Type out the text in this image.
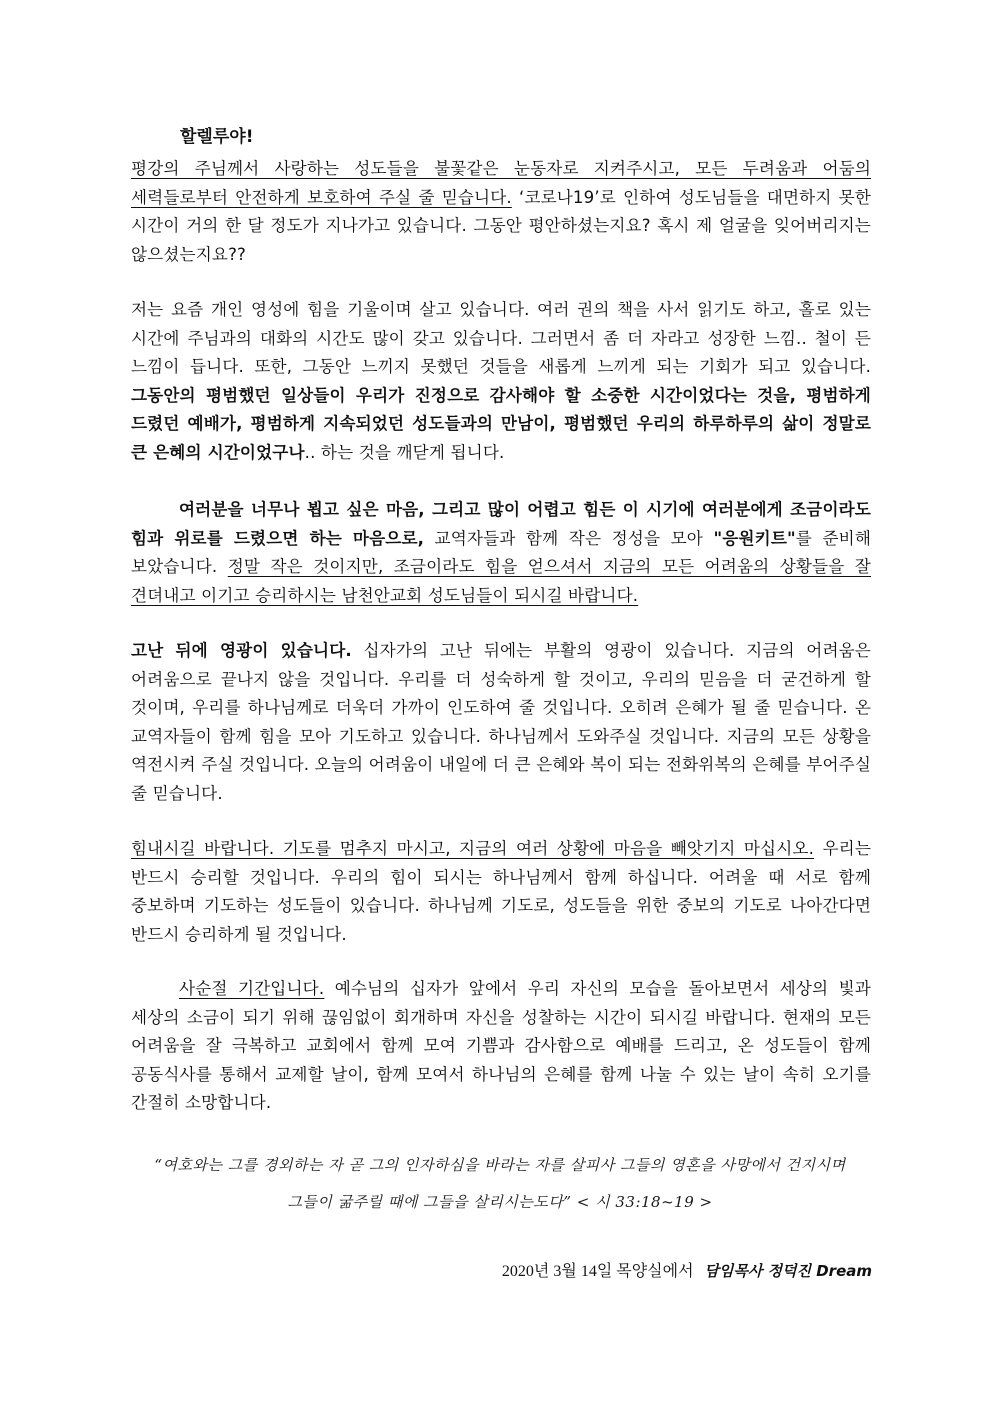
할렐루야!
평강의 주님께서 사랑하는 성도들을 불꽃같은 눈동자로 지켜주시고, 모든 두려움과 어둠의 세력들로부터 안전하게 보호하여 주실 줄 믿습니다. ‘코로나19’로 인하여 성도님들을 대면하지 못한 시간이 거의 한 달 정도가 지나가고 있습니다. 그동안 평안하셨는지요? 혹시 제 얼굴을 잊어버리지는 않으셨는지요??
저는 요즘 개인 영성에 힘을 기울이며 살고 있습니다. 여러 권의 책을 사서 읽기도 하고, 홀로 있는 시간에 주님과의 대화의 시간도 많이 갖고 있습니다. 그러면서 좀 더 자라고 성장한 느낌.. 철이 든 느낌이 듭니다. 또한, 그동안 느끼지 못했던 것들을 새롭게 느끼게 되는 기회가 되고 있습니다. 그동안의 평범했던 일상들이 우리가 진정으로 감사해야 할 소중한 시간이었다는 것을, 평범하게 드렸던 예배가, 평범하게 지속되었던 성도들과의 만남이, 평범했던 우리의 하루하루의 삶이 정말로 큰 은혜의 시간이었구나.. 하는 것을 깨닫게 됩니다.
여러분을 너무나 뵙고 싶은 마음, 그리고 많이 어렵고 힘든 이 시기에 여러분에게 조금이라도 힘과 위로를 드렸으면 하는 마음으로, 교역자들과 함께 작은 정성을 모아 "응원키트"를 준비해 보았습니다. 정말 작은 것이지만, 조금이라도 힘을 얻으셔서 지금의 모든 어려움의 상황들을 잘 견뎌내고 이기고 승리하시는 남천안교회 성도님들이 되시길 바랍니다.
고난 뒤에 영광이 있습니다. 십자가의 고난 뒤에는 부활의 영광이 있습니다. 지금의 어려움은 어려움으로 끝나지 않을 것입니다. 우리를 더 성숙하게 할 것이고, 우리의 믿음을 더 굳건하게 할 것이며, 우리를 하나님께로 더욱더 가까이 인도하여 줄 것입니다. 오히려 은혜가 될 줄 믿습니다. 온 교역자들이 함께 힘을 모아 기도하고 있습니다. 하나님께서 도와주실 것입니다. 지금의 모든 상황을 역전시켜 주실 것입니다. 오늘의 어려움이 내일에 더 큰 은혜와 복이 되는 전화위복의 은혜를 부어주실 줄 믿습니다.
힘내시길 바랍니다. 기도를 멈추지 마시고, 지금의 여러 상황에 마음을 빼앗기지 마십시오. 우리는 반드시 승리할 것입니다. 우리의 힘이 되시는 하나님께서 함께 하십니다. 어려울 때 서로 함께 중보하며 기도하는 성도들이 있습니다. 하나님께 기도로, 성도들을 위한 중보의 기도로 나아간다면 반드시 승리하게 될 것입니다.
사순절 기간입니다. 예수님의 십자가 앞에서 우리 자신의 모습을 돌아보면서 세상의 빛과 세상의 소금이 되기 위해 끊임없이 회개하며 자신을 성찰하는 시간이 되시길 바랍니다. 현재의 모든 어려움을 잘 극복하고 교회에서 함께 모여 기쁨과 감사함으로 예배를 드리고, 온 성도들이 함께 공동식사를 통해서 교제할 날이, 함께 모여서 하나님의 은혜를 함께 나눌 수 있는 날이 속히 오기를 간절히 소망합니다.
“여호와는 그를 경외하는 자 곧 그의 인자하심을 바라는 자를 살피사 그들의 영혼을 사망에서 건지시며
그들이 굶주릴 때에 그들을 살리시는도다” < 시 33:18~19 >
2020년 3월 14일 목양실에서 담임목사 정덕진 Dream
